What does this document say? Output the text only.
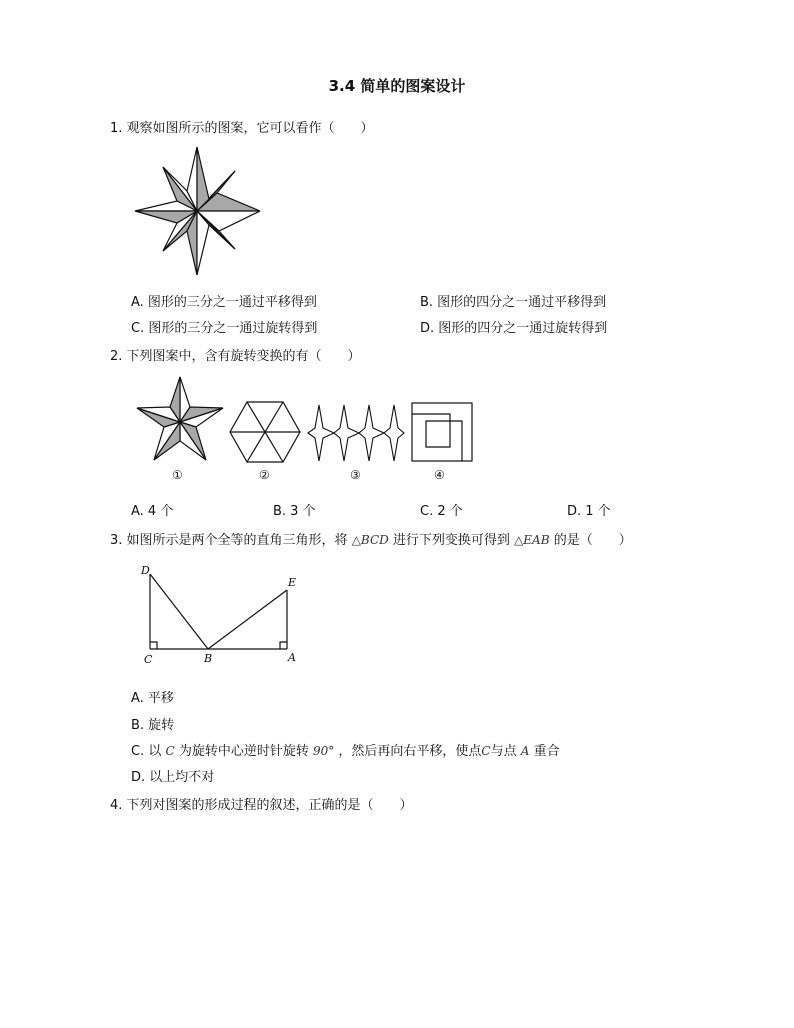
3.4 简单的图案设计
1. 观察如图所示的图案，它可以看作（　　）
A. 图形的三分之一通过平移得到	B. 图形的四分之一通过平移得到
C. 图形的三分之一通过旋转得到	D. 图形的四分之一通过旋转得到
2. 下列图案中，含有旋转变换的有（　　）
①	②	③	④
A. 4 个	B. 3 个	C. 2 个	D. 1 个
3. 如图所示是两个全等的直角三角形，将 △BCD 进行下列变换可得到 △EAB 的是（　　）
D
E
C	B	A
A. 平移
B. 旋转
C. 以 C 为旋转中心逆时针旋转 90° ，然后再向右平移，使点C与点 A 重合
D. 以上均不对
4. 下列对图案的形成过程的叙述，正确的是（　　）
